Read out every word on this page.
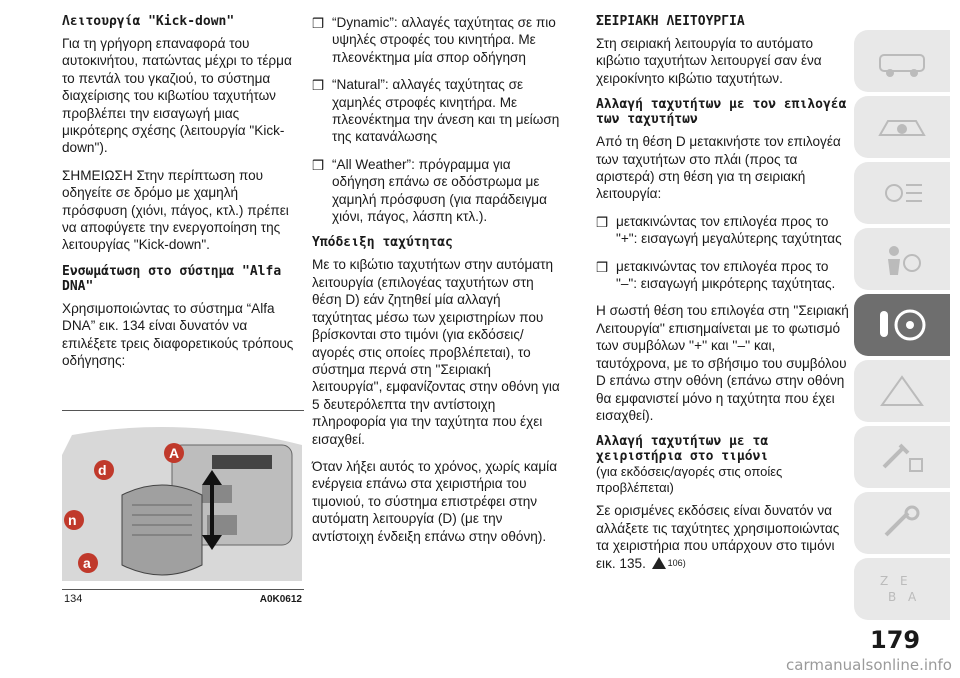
Λειτουργία "Kick-down"

Για τη γρήγορη επαναφορά του αυτοκινήτου, πατώντας μέχρι το τέρμα το πεντάλ του γκαζιού, το σύστημα διαχείρισης του κιβωτίου ταχυτήτων προβλέπει την εισαγωγή μιας μικρότερης σχέσης (λειτουργία "Kick-down").

ΣΗΜΕΙΩΣΗ Στην περίπτωση που οδηγείτε σε δρόμο με χαμηλή πρόσφυση (χιόνι, πάγος, κτλ.) πρέπει να αποφύγετε την ενεργοποίηση της λειτουργίας "Kick-down".

Ενσωμάτωση στο σύστημα "Alfa DNA"

Χρησιμοποιώντας το σύστημα “Alfa DNA” εικ. 134 είναι δυνατόν να επιλέξετε τρεις διαφορετικούς τρόπους οδήγησης:

A
d
n
a
134	A0K0612

❒ “Dynamic”: αλλαγές ταχύτητας σε πιο υψηλές στροφές του κινητήρα. Με πλεονέκτημα μία σπορ οδήγηση

❒ “Natural”: αλλαγές ταχύτητας σε χαμηλές στροφές κινητήρα. Με πλεονέκτημα την άνεση και τη μείωση της κατανάλωσης

❒ “All Weather”: πρόγραμμα για οδήγηση επάνω σε οδόστρωμα με χαμηλή πρόσφυση (για παράδειγμα χιόνι, πάγος, λάσπη κτλ.).

Υπόδειξη ταχύτητας

Με το κιβώτιο ταχυτήτων στην αυτόματη λειτουργία (επιλογέας ταχυτήτων στη θέση D) εάν ζητηθεί μία αλλαγή ταχύτητας μέσω των χειριστηρίων που βρίσκονται στο τιμόνι (για εκδόσεις/αγορές στις οποίες προβλέπεται), το σύστημα περνά στη ''Σειριακή λειτουργία'', εμφανίζοντας στην οθόνη για 5 δευτερόλεπτα την αντίστοιχη πληροφορία για την ταχύτητα που έχει εισαχθεί.

Όταν λήξει αυτός το χρόνος, χωρίς καμία ενέργεια επάνω στα χειριστήρια του τιμονιού, το σύστημα επιστρέφει στην αυτόματη λειτουργία (D) (με την αντίστοιχη ένδειξη επάνω στην οθόνη).

ΣΕΙΡΙΑΚΗ ΛΕΙΤΟΥΡΓΙΑ

Στη σειριακή λειτουργία το αυτόματο κιβώτιο ταχυτήτων λειτουργεί σαν ένα χειροκίνητο κιβώτιο ταχυτήτων.

Αλλαγή ταχυτήτων με τον επιλογέα των ταχυτήτων

Από τη θέση D μετακινήστε τον επιλογέα των ταχυτήτων στο πλάι (προς τα αριστερά) στη θέση για τη σειριακή λειτουργία:

❒ μετακινώντας τον επιλογέα προς το "+": εισαγωγή μεγαλύτερης ταχύτητας

❒ μετακινώντας τον επιλογέα προς το "–": εισαγωγή μικρότερης ταχύτητας.

Η σωστή θέση του επιλογέα στη ''Σειριακή Λειτουργία'' επισημαίνεται με το φωτισμό των συμβόλων ''+'' και ''–'' και, ταυτόχρονα, με το σβήσιμο του συμβόλου D επάνω στην οθόνη (επάνω στην οθόνη θα εμφανιστεί μόνο η ταχύτητα που έχει εισαχθεί).

Αλλαγή ταχυτήτων με τα χειριστήρια στο τιμόνι
(για εκδόσεις/αγορές στις οποίες προβλέπεται)

Σε ορισμένες εκδόσεις είναι δυνατόν να αλλάξετε τις ταχύτητες χρησιμοποιώντας τα χειριστήρια που υπάρχουν στο τιμόνι εικ. 135. $^{106)}$

Z E
B A
179
carmanualsonline.info
